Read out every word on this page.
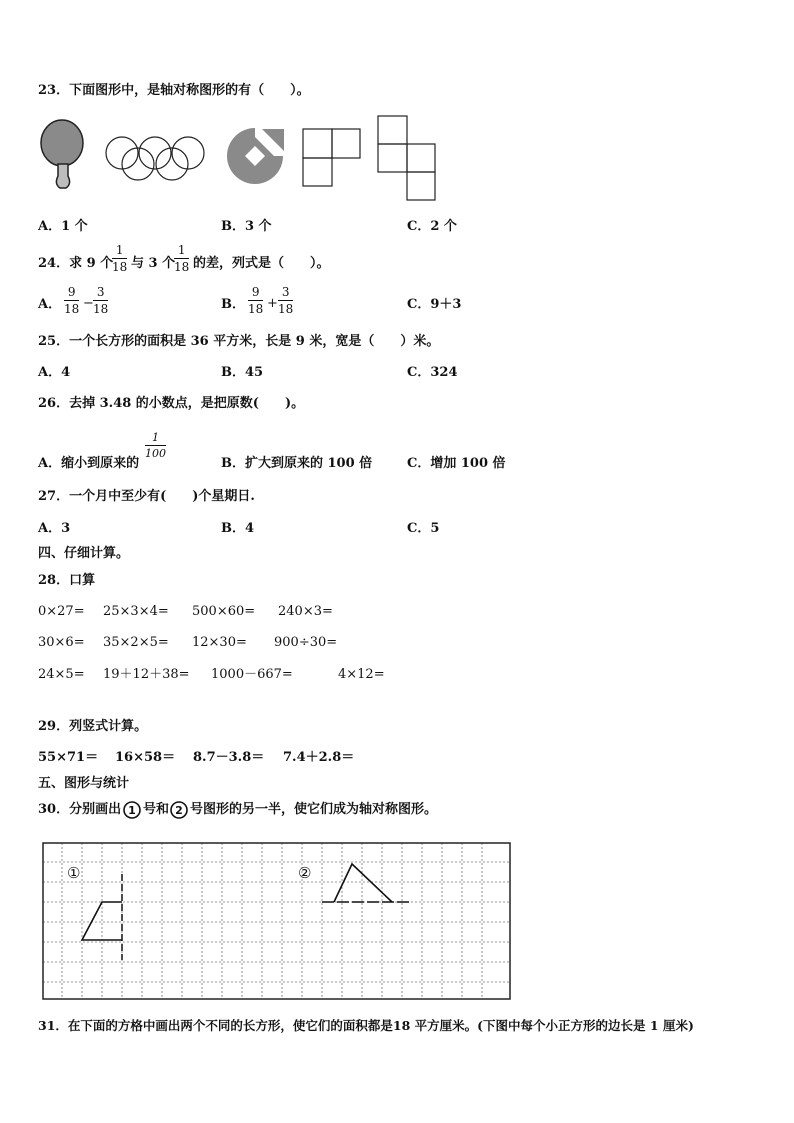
23．下面图形中，是轴对称图形的有（　　）。
A．1 个	B．3 个	C．2 个
24．求 9 个
$\frac{1}{18}$ 与 3 个
$\frac{1}{18}$ 的差，列式是（　　）。
A． $\frac{9}{18} - \frac{3}{18}$	B． $\frac{9}{18} + \frac{3}{18}$	C．9＋3
25．一个长方形的面积是 36 平方米，长是 9 米，宽是（　　）米。
A．4	B．45	C．324
26．去掉 3.48 的小数点，是把原数(　　)。
A．缩小到原来的
$\frac{1}{100}$
B．扩大到原来的 100 倍	C．增加 100 倍
27．一个月中至少有(　　)个星期日.
A．3	B．4	C．5
四、仔细计算。
28．口算
0×27= 25×3×4= 500×60= 240×3=
30×6= 35×2×5= 12×30= 900÷30=
24×5= 19＋12＋38= 1000－667=	4×12=
29．列竖式计算。
55×71＝ 16×58＝ 8.7－3.8＝ 7.4＋2.8＝
五、图形与统计
30．分别画出 1 号和 2 号图形的另一半，使它们成为轴对称图形。
①	②
31．在下面的方格中画出两个不同的长方形，使它们的面积都是18 平方厘米。(下图中每个小正方形的边长是 1 厘米)
